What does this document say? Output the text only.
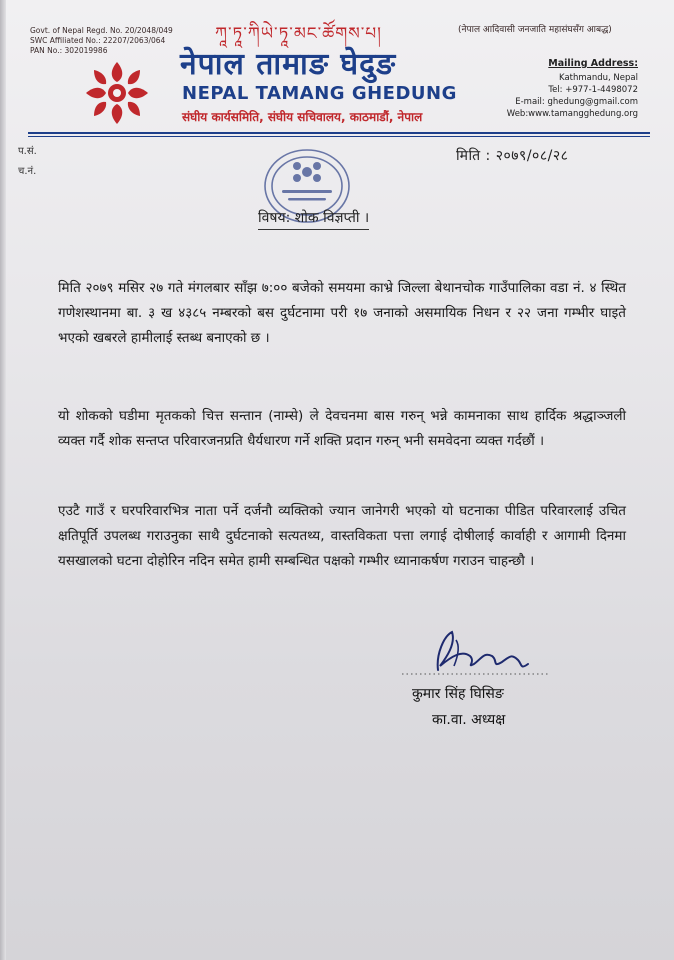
Govt. of Nepal Regd. No. 20/2048/049
SWC Affiliated No.: 22207/2063/064
PAN No.: 302019986
ཀཱ་ཏཱ་ཀིཡེ་ཏཱ་མང་ཚོགས་པ།	(नेपाल आदिवासी जनजाति महासंघसँग आबद्ध)
नेपाल तामाङ घेदुङ
NEPAL TAMANG GHEDUNG
संघीय कार्यसमिति, संघीय सचिवालय, काठमाडौं, नेपाल
Mailing Address:
Kathmandu, Nepal
Tel: +977-1-4498072
E-mail: ghedung@gmail.com
Web:www.tamangghedung.org
प.सं.
च.नं.
मिति : २०७९/०८/२८
विषय: शोक विज्ञप्ती ।
मिति २०७९ मसिर २७ गते मंगलबार साँझ ७:०० बजेको समयमा काभ्रे जिल्ला बेथानचोक गाउँपालिका वडा नं. ४ स्थित गणेशस्थानमा बा. ३ ख ४३८५ नम्बरको बस दुर्घटनामा परी १७ जनाको असमायिक निधन र २२ जना गम्भीर घाइते भएको खबरले हामीलाई स्तब्ध बनाएको छ ।
यो शोकको घडीमा मृतकको चित्त सन्तान (नाम्से) ले देवचनमा बास गरुन् भन्ने कामनाका साथ हार्दिक श्रद्धाञ्जली व्यक्त गर्दै शोक सन्तप्त परिवारजनप्रति धैर्यधारण गर्ने शक्ति प्रदान गरुन् भनी समवेदना व्यक्त गर्दछौं ।
एउटै गाउँ र घरपरिवारभित्र नाता पर्ने दर्जनौ व्यक्तिको ज्यान जानेगरी भएको यो घटनाका पीडित परिवारलाई उचित क्षतिपूर्ति उपलब्ध गराउनुका साथै दुर्घटनाको सत्यतथ्य, वास्तविकता पत्ता लगाई दोषीलाई कार्वाही र आगामी दिनमा यसखालको घटना दोहोरिन नदिन समेत हामी सम्बन्धित पक्षको गम्भीर ध्यानाकर्षण गराउन चाहन्छौ ।
कुमार सिंह घिसिङ
का.वा. अध्यक्ष
